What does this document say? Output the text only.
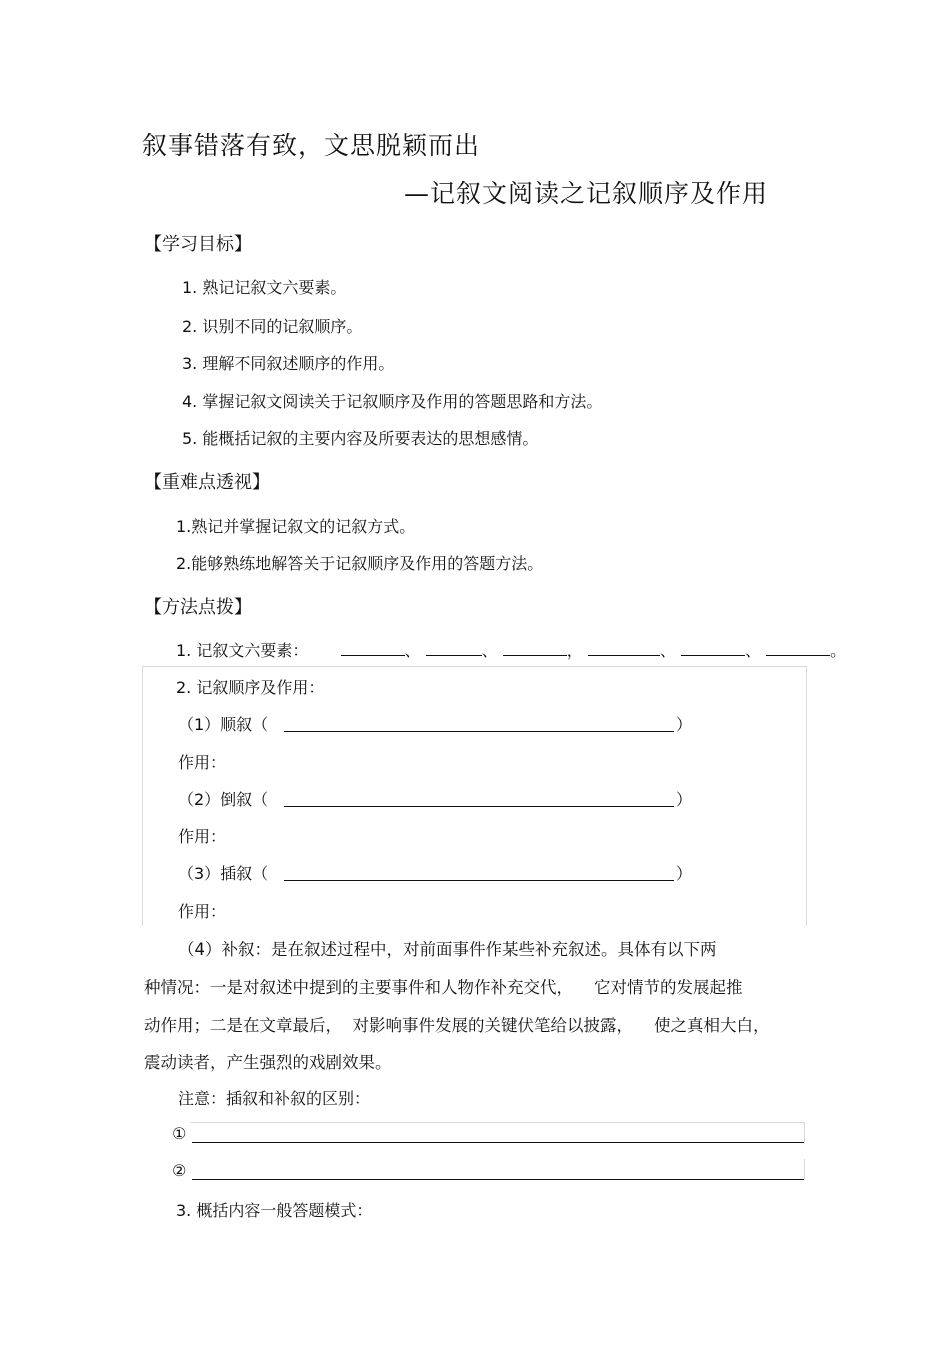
叙事错落有致，文思脱颖而出
—记叙文阅读之记叙顺序及作用
【学习目标】
1. 熟记记叙文六要素。
2. 识别不同的记叙顺序。
3. 理解不同叙述顺序的作用。
4. 掌握记叙文阅读关于记叙顺序及作用的答题思路和方法。
5. 能概括记叙的主要内容及所要表达的思想感情。
【重难点透视】
1.熟记并掌握记叙文的记叙方式。
2.能够熟练地解答关于记叙顺序及作用的答题方法。
【方法点拨】
1. 记叙文六要素：	、	、	，	、	、	。
2. 记叙顺序及作用：
（1）顺叙（	）
作用：
（2）倒叙（	）
作用：
（3）插叙（	）
作用：
（4）补叙：是在叙述过程中，对前面事件作某些补充叙述。具体有以下两
种情况：一是对叙述中提到的主要事件和人物作补充交代，    它对情节的发展起推
动作用；二是在文章最后，  对影响事件发展的关键伏笔给以披露，    使之真相大白，
震动读者，产生强烈的戏剧效果。
注意：插叙和补叙的区别：
①
②
3. 概括内容一般答题模式：
